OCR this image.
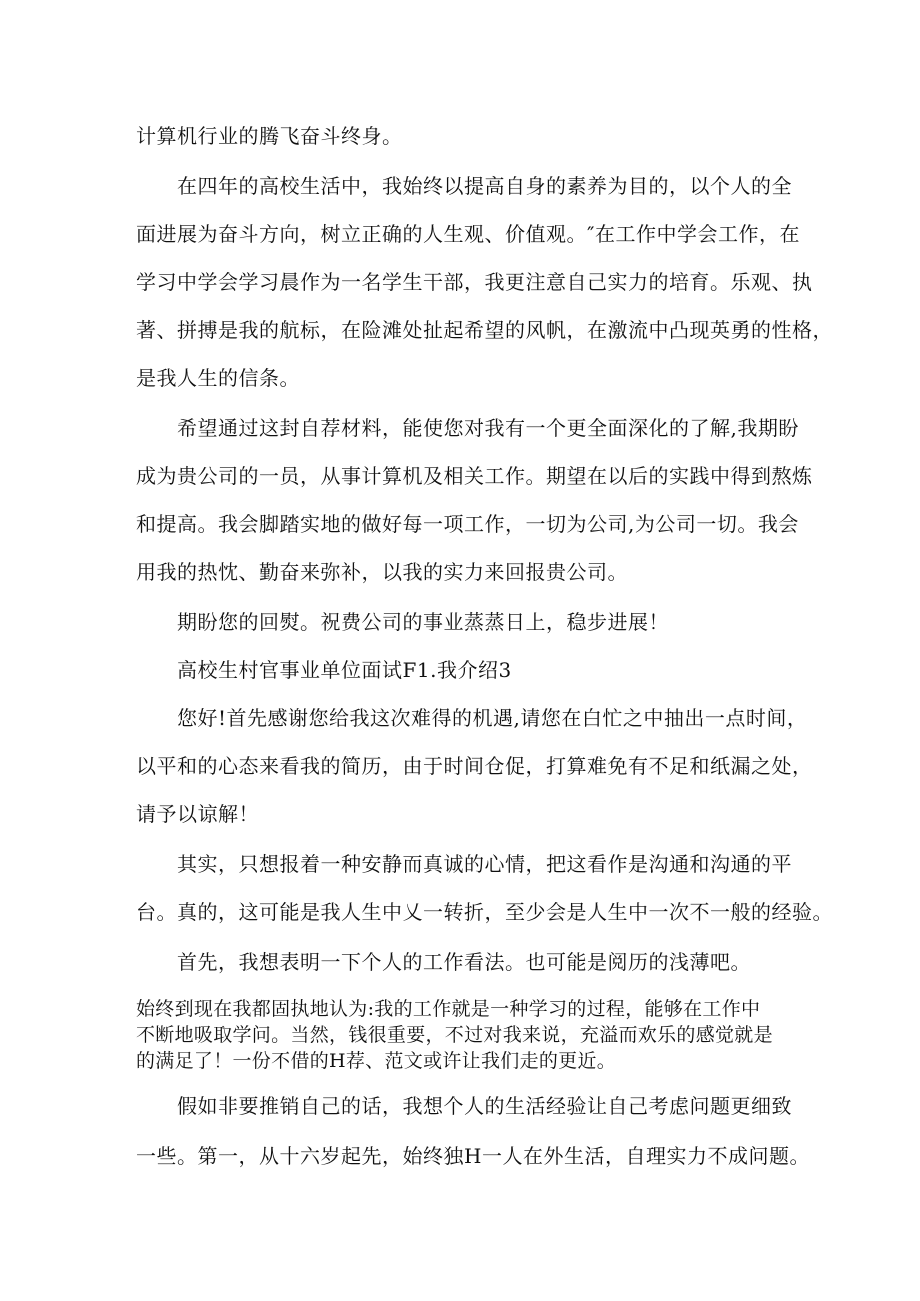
计算机行业的腾飞奋斗终身。
在四年的高校生活中，我始终以提高自身的素养为目的，以个人的全
面进展为奋斗方向，树立正确的人生观、价值观。″在工作中学会工作，在
学习中学会学习晨作为一名学生干部，我更注意自己实力的培育。乐观、执
著、拼搏是我的航标，在险滩处扯起希望的风帆，在激流中凸现英勇的性格，
是我人生的信条。
希望通过这封自荐材料，能使您对我有一个更全面深化的了解,我期盼
成为贵公司的一员，从事计算机及相关工作。期望在以后的实践中得到熬炼
和提高。我会脚踏实地的做好每一项工作，一切为公司,为公司一切。我会
用我的热忱、勤奋来弥补，以我的实力来回报贵公司。
期盼您的回熨。祝费公司的事业蒸蒸日上，稳步进展！
高校生村官事业单位面试F1.我介绍3
您好!首先感谢您给我这次难得的机遇,请您在白忙之中抽出一点时间，
以平和的心态来看我的简历，由于时间仓促，打算难免有不足和纸漏之处，
请予以谅解！
其实，只想报着一种安静而真诚的心情，把这看作是沟通和沟通的平
台。真的，这可能是我人生中乂一转折，至少会是人生中一次不一般的经验。
首先，我想表明一下个人的工作看法。也可能是阅历的浅薄吧。
始终到现在我都固执地认为:我的工作就是一种学习的过程，能够在工作中
不断地吸取学问。当然，钱很重要，不过对我来说，充溢而欢乐的感觉就是
的满足了！一份不借的H荐、范文或许让我们走的更近。
假如非要推销自己的话，我想个人的生活经验让自己考虑问题更细致
一些。第一，从十六岁起先，始终独H一人在外生活，自理实力不成问题。
